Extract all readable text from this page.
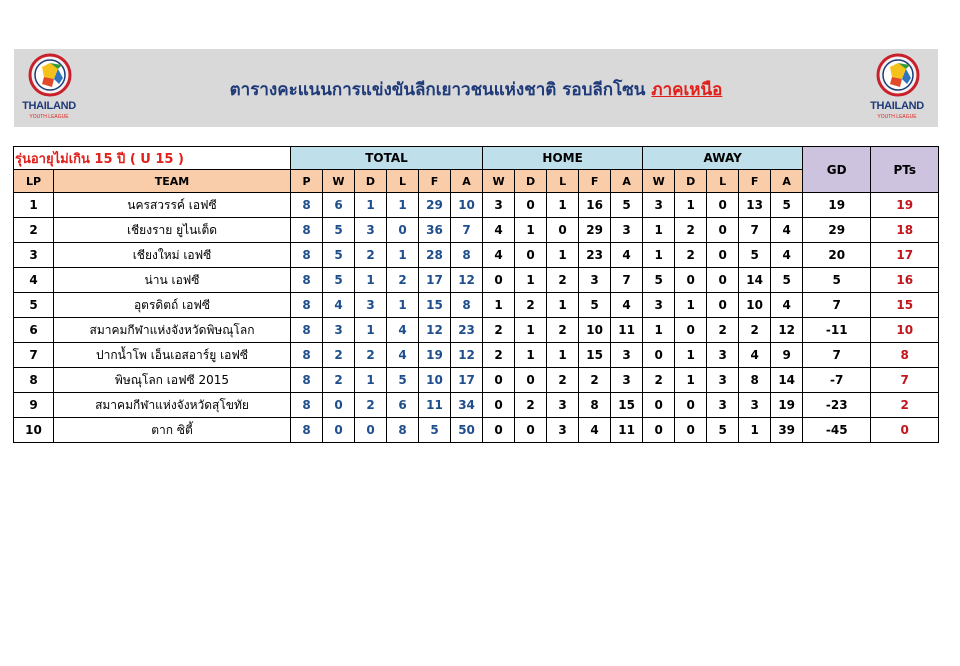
THAILAND
YOUTH LEAGUE
ตารางคะแนนการแข่งขันลีกเยาวชนแห่งชาติ รอบลีกโซน ภาคเหนือ
THAILAND
YOUTH LEAGUE
รุ่นอายุไม่เกิน 15 ปี ( U 15 )		TOTAL						HOME					AWAY					GD	PTs
LP	TEAM	P	W	D	L	F	A	W	D	L	F	A	W	D	L	F	A		
1	นครสวรรค์ เอฟซี	8	6	1	1	29	10	3	0	1	16	5	3	1	0	13	5	19	19
2	เชียงราย ยูไนเต็ด	8	5	3	0	36	7	4	1	0	29	3	1	2	0	7	4	29	18
3	เชียงใหม่ เอฟซี	8	5	2	1	28	8	4	0	1	23	4	1	2	0	5	4	20	17
4	น่าน เอฟซี	8	5	1	2	17	12	0	1	2	3	7	5	0	0	14	5	5	16
5	อุตรดิตถ์ เอฟซี	8	4	3	1	15	8	1	2	1	5	4	3	1	0	10	4	7	15
6	สมาคมกีฬาแห่งจังหวัดพิษณุโลก	8	3	1	4	12	23	2	1	2	10	11	1	0	2	2	12	-11	10
7	ปากน้ำโพ เอ็นเอสอาร์ยู เอฟซี	8	2	2	4	19	12	2	1	1	15	3	0	1	3	4	9	7	8
8	พิษณุโลก เอฟซี 2015	8	2	1	5	10	17	0	0	2	2	3	2	1	3	8	14	-7	7
9	สมาคมกีฬาแห่งจังหวัดสุโขทัย	8	0	2	6	11	34	0	2	3	8	15	0	0	3	3	19	-23	2
10	ตาก ซิตี้	8	0	0	8	5	50	0	0	3	4	11	0	0	5	1	39	-45	0
